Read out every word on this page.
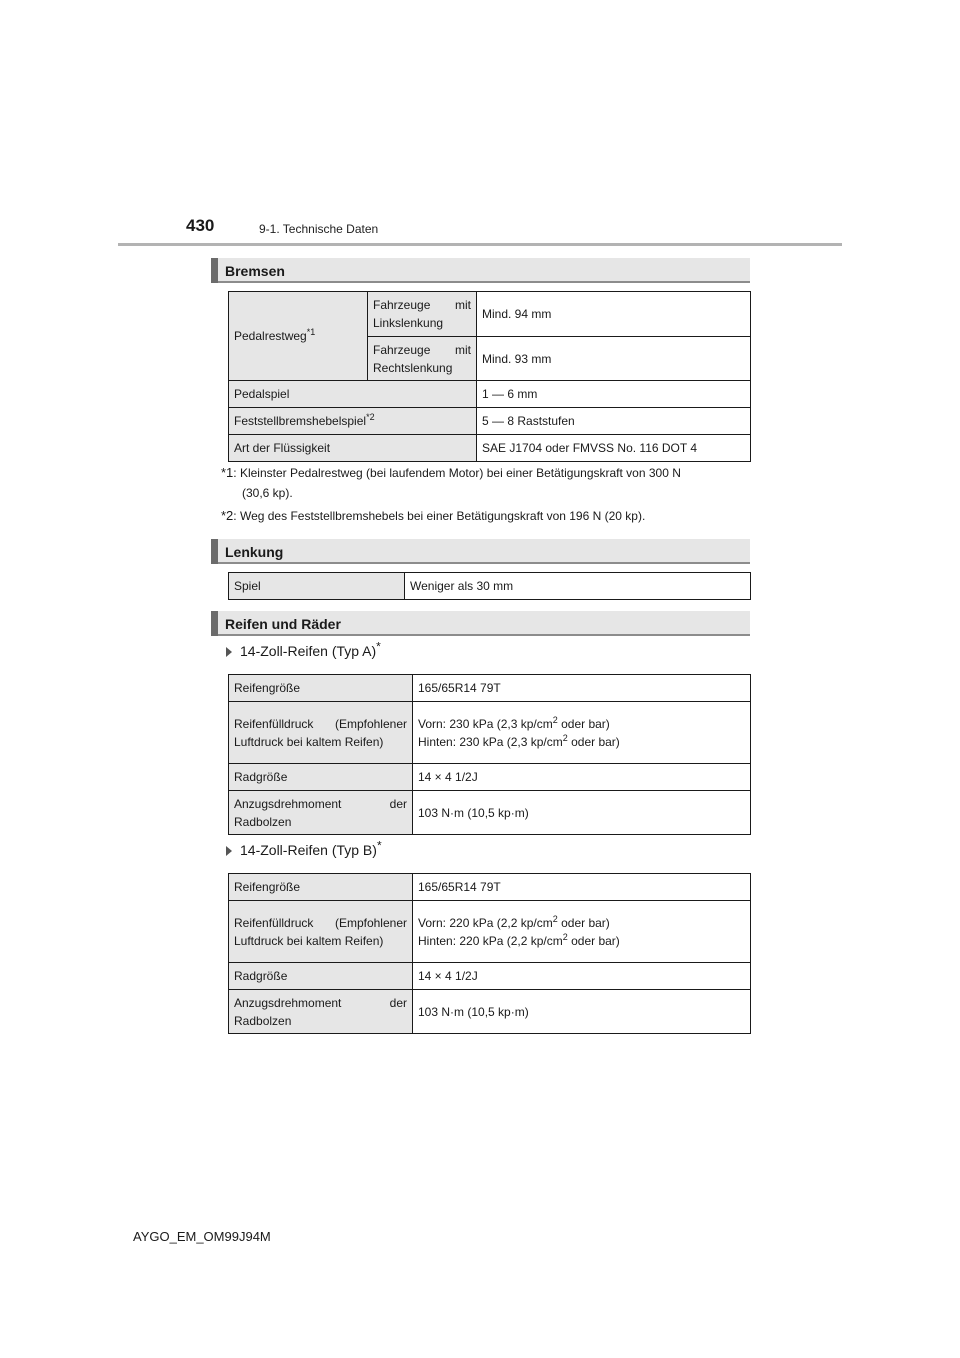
430	9-1. Technische Daten
Bremsen
Pedalrestweg$^{*1}$	Fahrzeuge mit Linkslenkung	Mind. 94 mm
	Fahrzeuge mit Rechtslenkung	Mind. 93 mm
Pedalspiel		1 — 6 mm
Feststellbremshebelspiel$^{*2}$		5 — 8 Raststufen
Art der Flüssigkeit		SAE J1704 oder FMVSS No. 116 DOT 4
*1: Kleinster Pedalrestweg (bei laufendem Motor) bei einer Betätigungskraft von 300 N
(30,6 kp).
*2: Weg des Feststellbremshebels bei einer Betätigungskraft von 196 N (20 kp).
Lenkung
Spiel	Weniger als 30 mm
Reifen und Räder
14-Zoll-Reifen (Typ A)*
Reifengröße	165/65R14 79T
Reifenfülldruck (Empfohlener Luftdruck bei kaltem Reifen)	Vorn: 230 kPa (2,3 $kp/cm^2$ oder bar)
Hinten: 230 kPa (2,3 $kp/cm^2$ oder bar)

Radgröße	14 × 4 1/2J
Anzugsdrehmoment der Radbolzen	103 N·m (10,5 kp·m)
14-Zoll-Reifen (Typ B)*
Reifengröße	165/65R14 79T
Reifenfülldruck (Empfohlener Luftdruck bei kaltem Reifen)	Vorn: 220 kPa (2,2 $kp/cm^2$ oder bar)
Hinten: 220 kPa (2,2 $kp/cm^2$ oder bar)

Radgröße	14 × 4 1/2J
Anzugsdrehmoment der Radbolzen	103 N·m (10,5 kp·m)
AYGO_EM_OM99J94M
